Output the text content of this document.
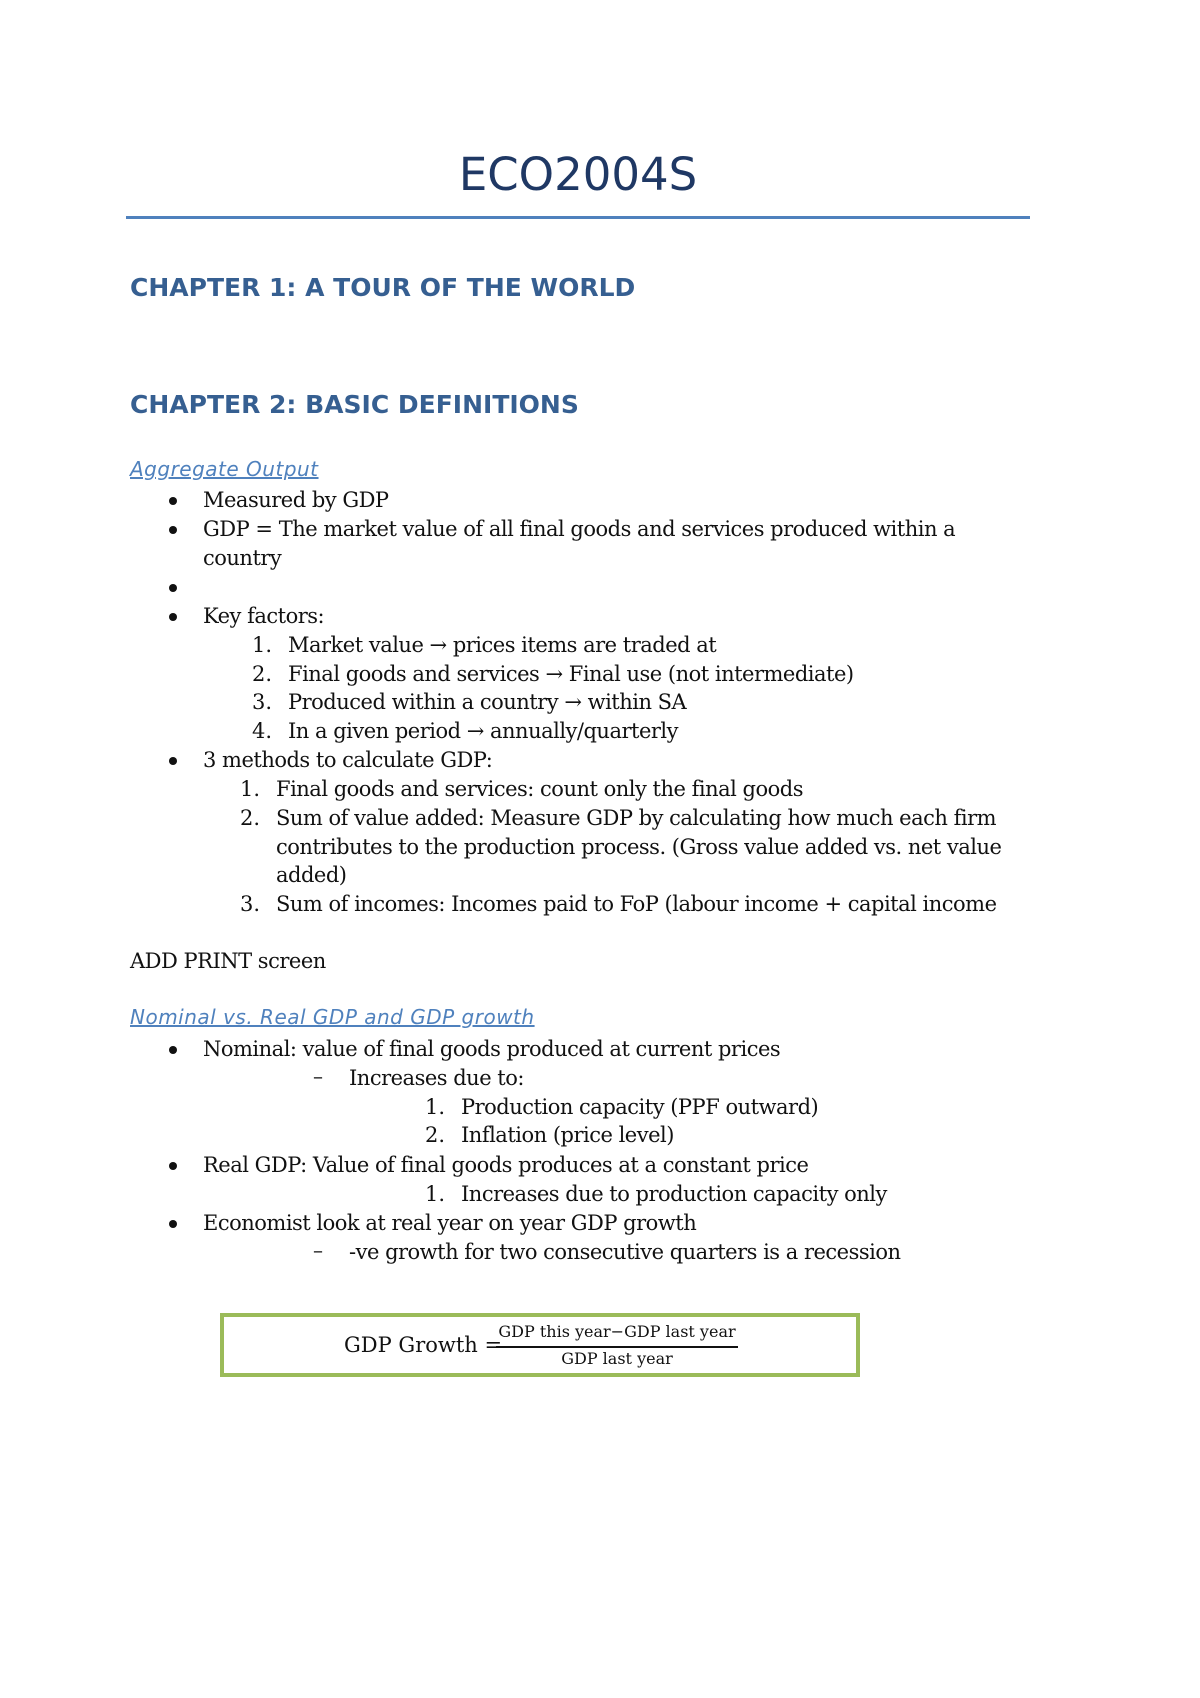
ECO2004S
CHAPTER 1: A TOUR OF THE WORLD
CHAPTER 2: BASIC DEFINITIONS
Aggregate Output
Measured by GDP
GDP = The market value of all final goods and services produced within a
country
Key factors:
1. Market value → prices items are traded at
2. Final goods and services → Final use (not intermediate)
3. Produced within a country → within SA
4. In a given period → annually/quarterly
3 methods to calculate GDP:
1. Final goods and services: count only the final goods
2. Sum of value added: Measure GDP by calculating how much each firm
contributes to the production process. (Gross value added vs. net value
added)
3. Sum of incomes: Incomes paid to FoP (labour income + capital income
ADD PRINT screen
Nominal vs. Real GDP and GDP growth
Nominal: value of final goods produced at current prices
– Increases due to:
1. Production capacity (PPF outward)
2. Inflation (price level)
Real GDP: Value of final goods produces at a constant price
1. Increases due to production capacity only
Economist look at real year on year GDP growth
– -ve growth for two consecutive quarters is a recession
GDP Growth =
GDP this year−GDP last year
GDP last year
